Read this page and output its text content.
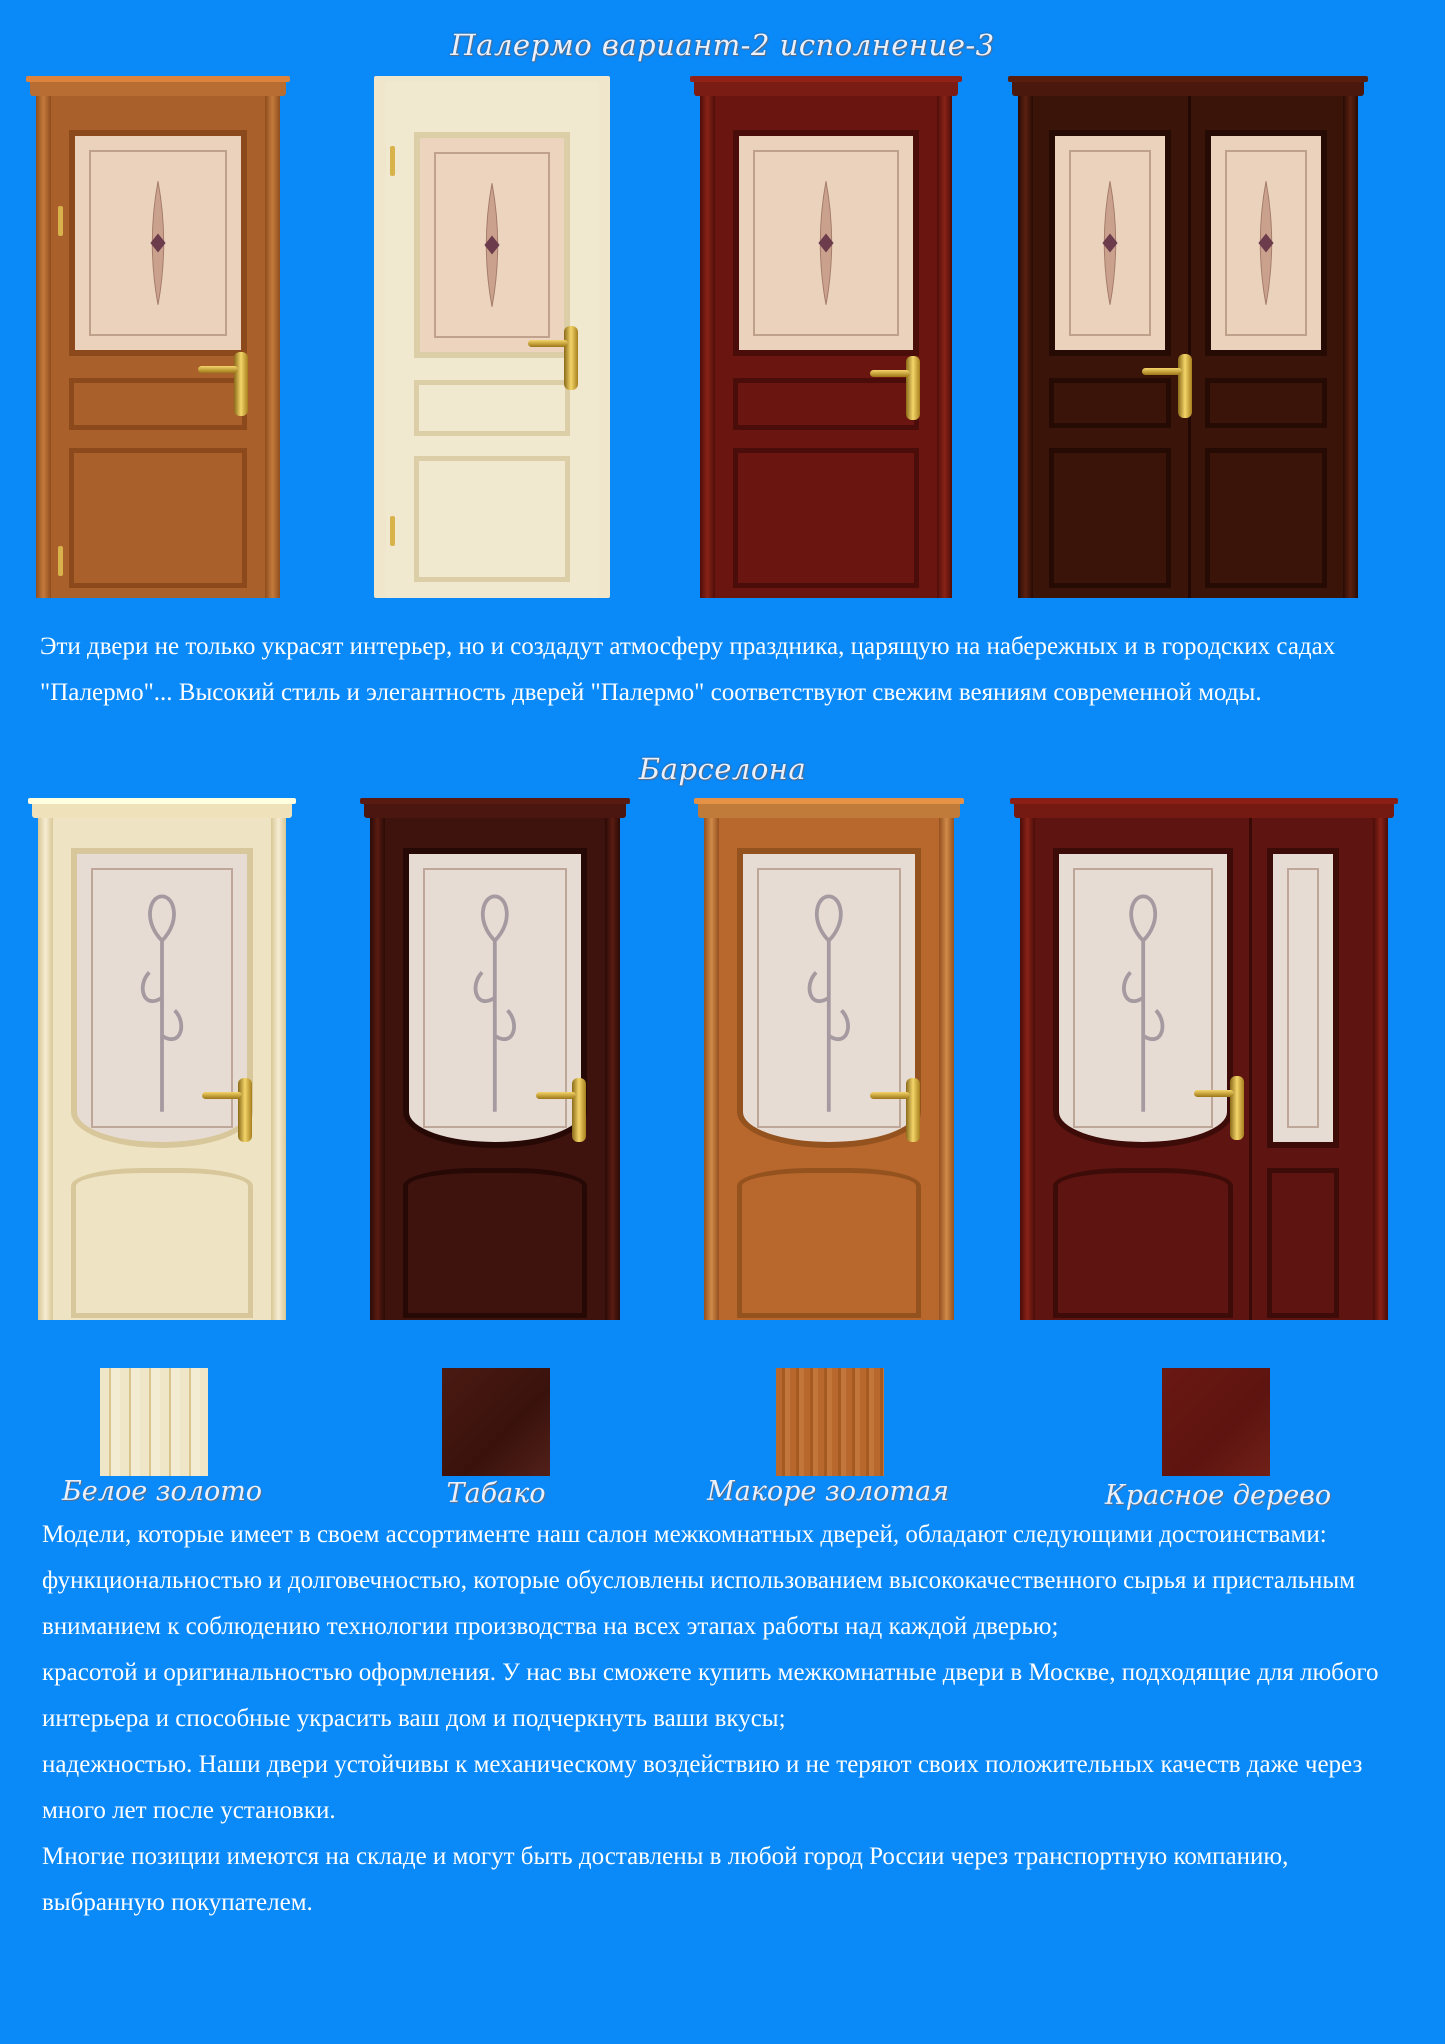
Палермо вариант-2 исполнение-3

Эти двери не только украсят интерьер, но и создадут атмосферу праздника, царящую на набережных и в городских садах "Палермо"... Высокий стиль и элегантность дверей "Палермо" соответствуют свежим веяниям современной моды.

Барселона
Белое золото	Табако	Макоре золотая	Красное дерево

Модели, которые имеет в своем ассортименте наш салон межкомнатных дверей, обладают следующими достоинствами:

функциональностью и долговечностью, которые обусловлены использованием высококачественного сырья и пристальным вниманием к соблюдению технологии производства на всех этапах работы над каждой дверью;

красотой и оригинальностью оформления. У нас вы сможете купить межкомнатные двери в Москве, подходящие для любого интерьера и способные украсить ваш дом и подчеркнуть ваши вкусы;

надежностью. Наши двери устойчивы к механическому воздействию и не теряют своих положительных качеств даже через много лет после установки.

Многие позиции имеются на складе и могут быть доставлены в любой город России через транспортную компанию, выбранную покупателем.
